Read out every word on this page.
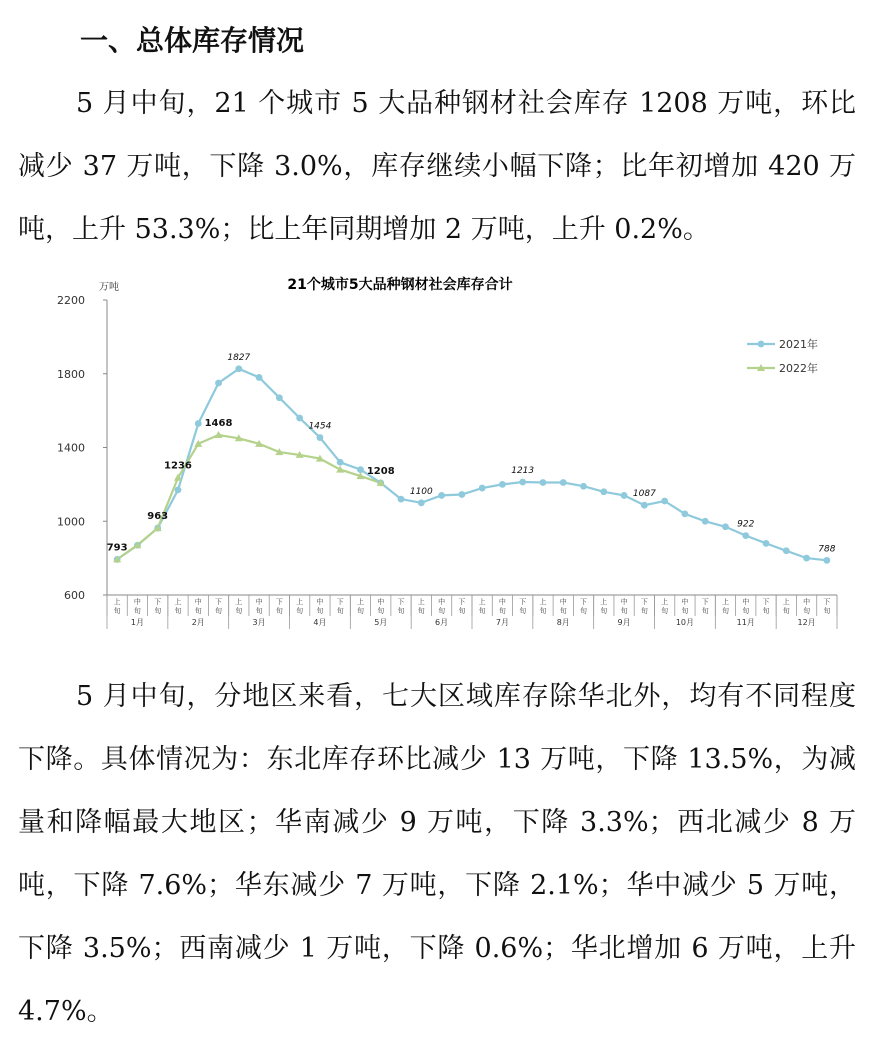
一、总体库存情况

5 月中旬，21 个城市 5 大品种钢材社会库存 1208 万吨，环比减少 37 万吨，下降 3.0%，库存继续小幅下降；比年初增加 420 万吨，上升 53.3%；比上年同期增加 2 万吨，上升 0.2%。

21个城市5大品种钢材社会库存合计
万吨
600
1000
1400
1800
2200
上旬
中旬
下旬
上旬
中旬
下旬
上旬
中旬
下旬
上旬
中旬
下旬
上旬
中旬
下旬
上旬
中旬
下旬
上旬
中旬
下旬
上旬
中旬
下旬
上旬
中旬
下旬
上旬
中旬
下旬
上旬
中旬
下旬
上旬
中旬
下旬
1月	2月	3月	4月	5月	6月	7月	8月	9月	10月	11月	12月
1827
1454
1100
1213
1087
922
788
793
963
1236
1468
1208
2021年
2022年

5 月中旬，分地区来看，七大区域库存除华北外，均有不同程度下降。具体情况为：东北库存环比减少 13 万吨，下降 13.5%，为减量和降幅最大地区；华南减少 9 万吨，下降 3.3%；西北减少 8 万吨，下降 7.6%；华东减少 7 万吨，下降 2.1%；华中减少 5 万吨，下降 3.5%；西南减少 1 万吨，下降 0.6%；华北增加 6 万吨，上升 4.7%。
